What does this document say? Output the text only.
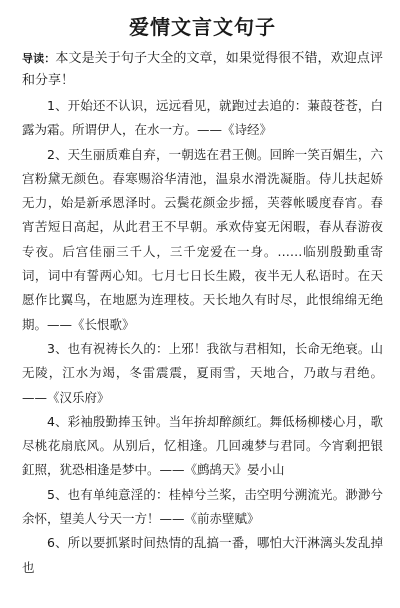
爱情文言文句子

导读：本文是关于句子大全的文章，如果觉得很不错，欢迎点评和分享！

1、开始还不认识，远远看见，就跑过去追的：蒹葭苍苍，白露为霜。所谓伊人，在水一方。——《诗经》

2、天生丽质难自弃，一朝选在君王侧。回眸一笑百媚生，六宫粉黛无颜色。春寒赐浴华清池，温泉水滑洗凝脂。侍儿扶起娇无力，始是新承恩泽时。云鬓花颜金步摇，芙蓉帐暖度春宵。春宵苦短日高起，从此君王不早朝。承欢侍宴无闲暇，春从春游夜专夜。后宫佳丽三千人，三千宠爱在一身。……临别殷勤重寄词，词中有誓两心知。七月七日长生殿，夜半无人私语时。在天愿作比翼鸟，在地愿为连理枝。天长地久有时尽，此恨绵绵无绝期。——《长恨歌》

3、也有祝祷长久的：上邪！我欲与君相知，长命无绝衰。山无陵，江水为竭，冬雷震震，夏雨雪，天地合，乃敢与君绝。——《汉乐府》

4、彩袖殷勤捧玉钟。当年拚却醉颜红。舞低杨柳楼心月，歌尽桃花扇底风。从别后，忆相逢。几回魂梦与君同。今宵剩把银釭照，犹恐相逢是梦中。——《鹧鸪天》晏小山

5、也有单纯意淫的：桂棹兮兰桨，击空明兮溯流光。渺渺兮余怀，望美人兮天一方！——《前赤壁赋》

6、所以要抓紧时间热情的乱搞一番，哪怕大汗淋漓头发乱掉也
